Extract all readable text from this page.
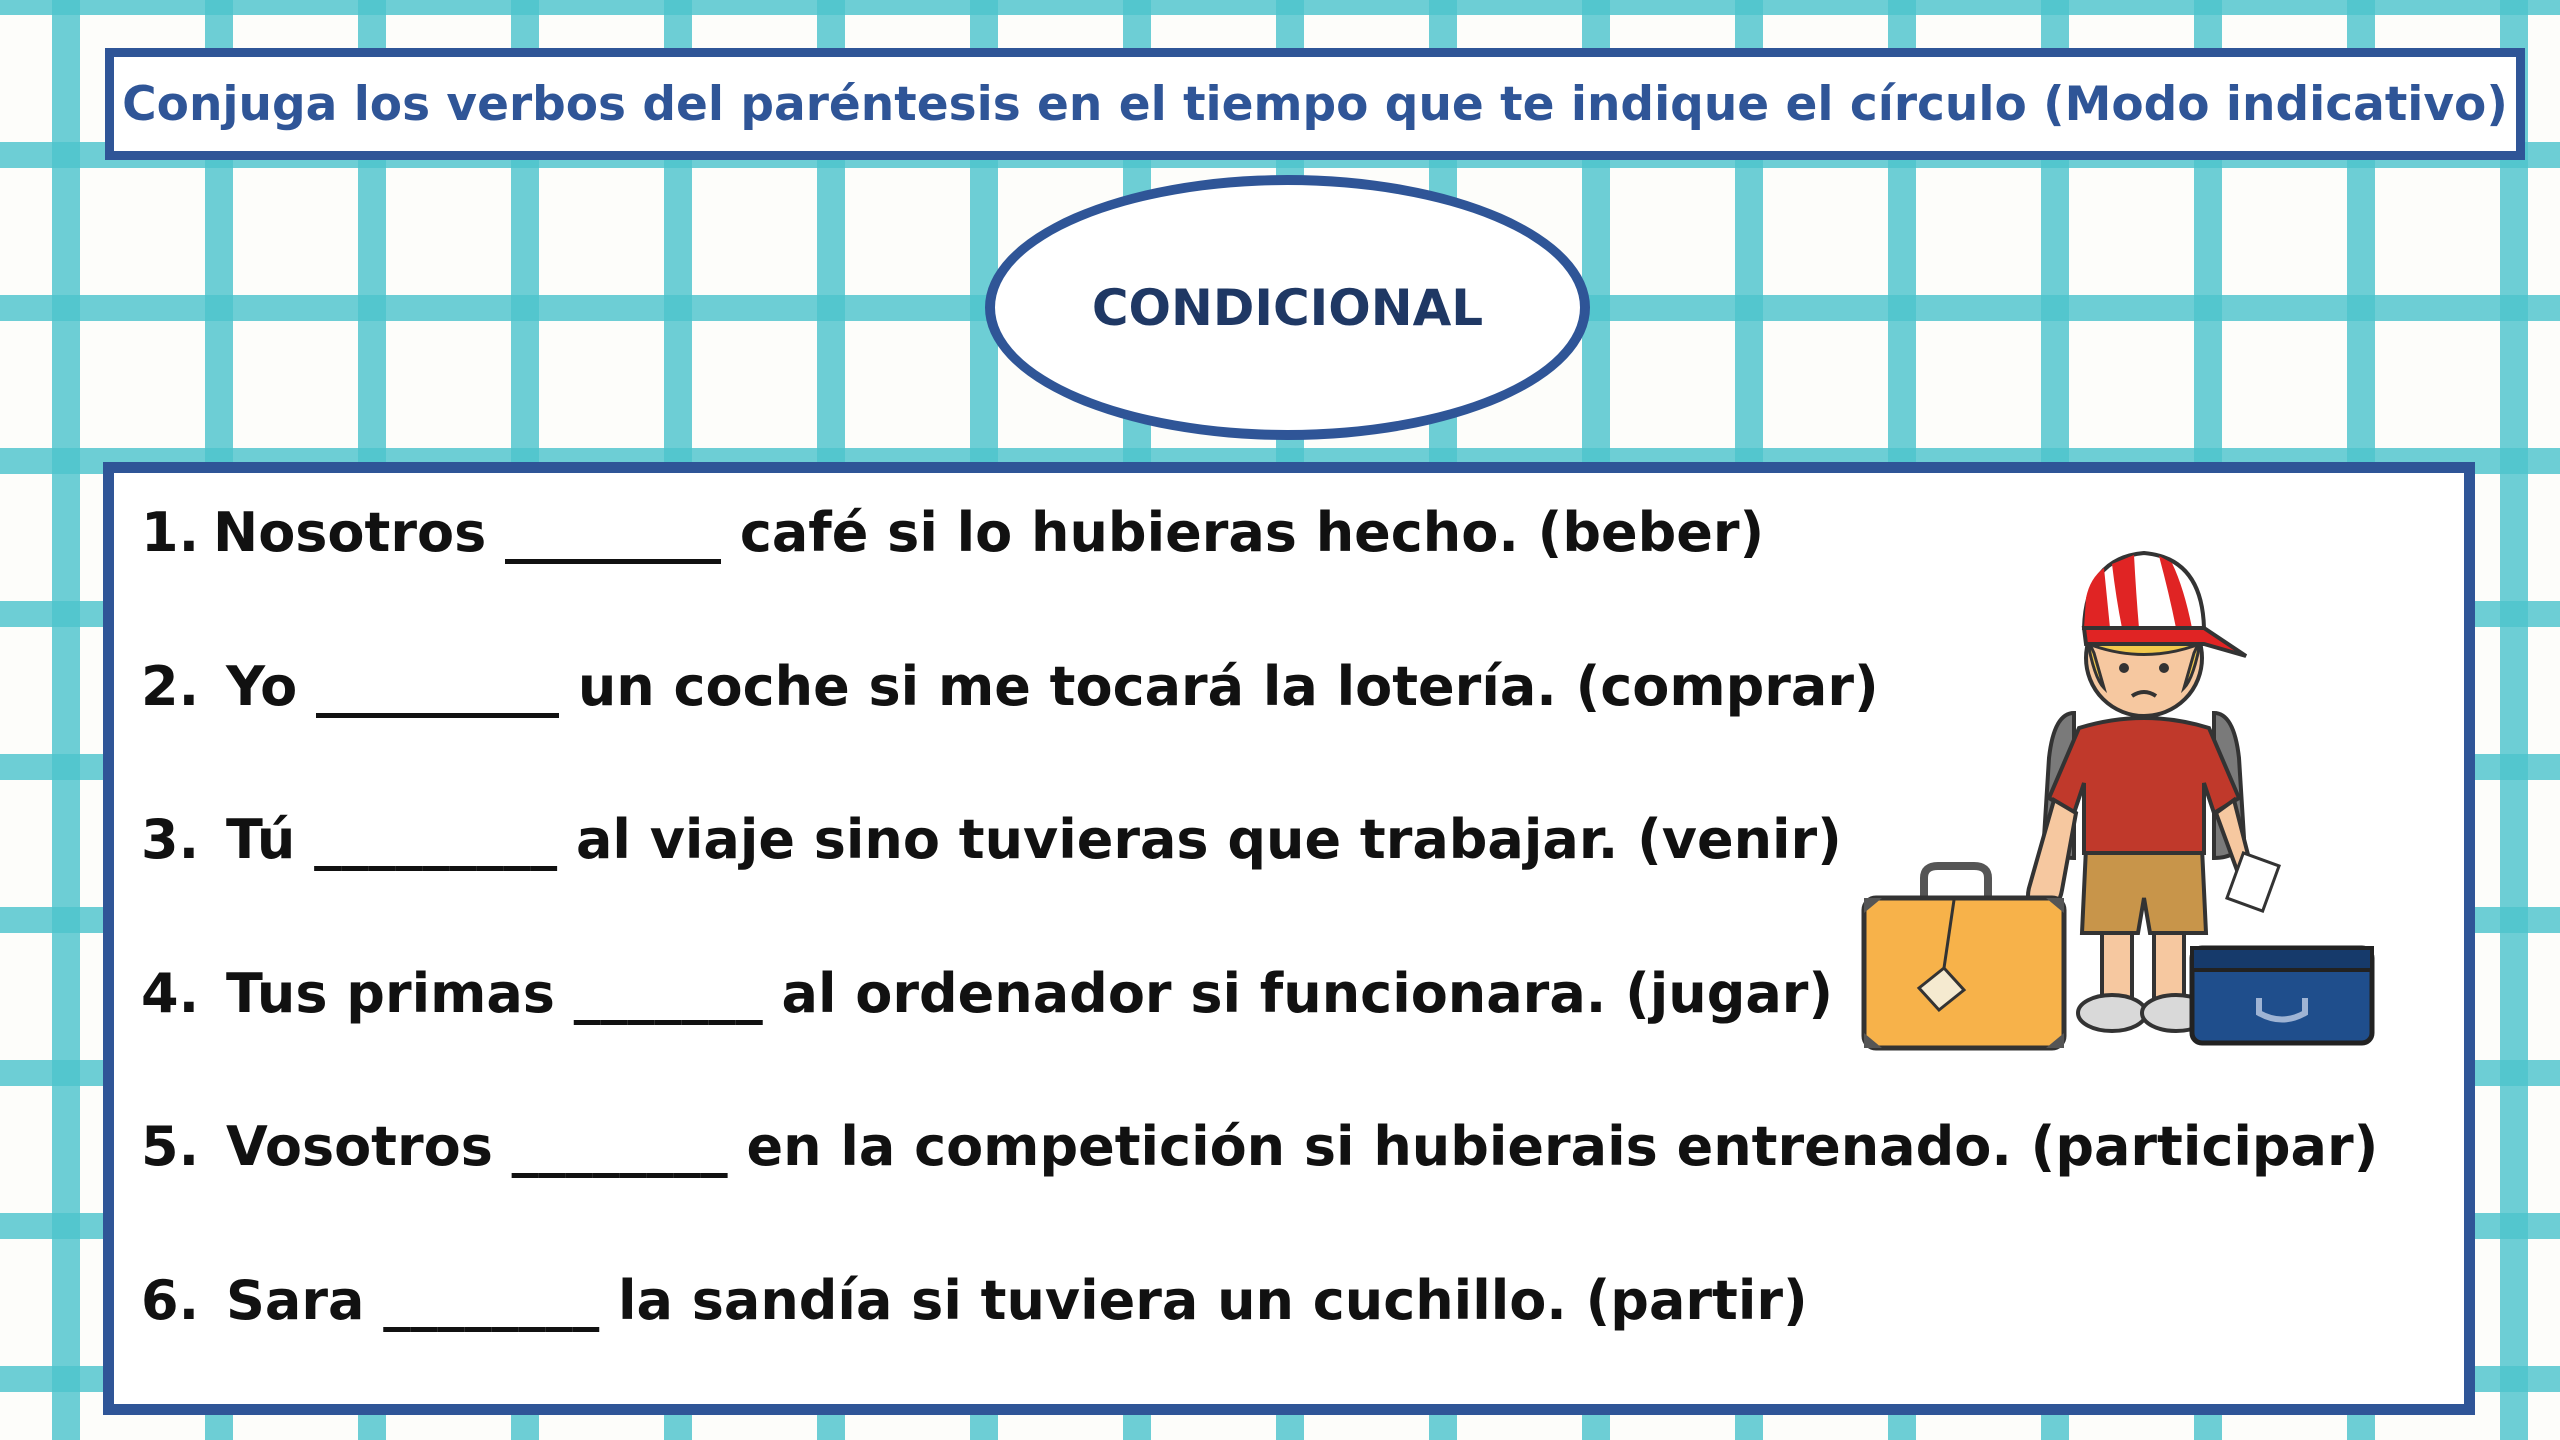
Conjuga los verbos del paréntesis en el tiempo que te indique el círculo (Modo indicativo)
CONDICIONAL
1. Nosotros ________ café si lo hubieras hecho. (beber)
2. Yo _________ un coche si me tocará la lotería. (comprar)
3. Tú _________ al viaje sino tuvieras que trabajar. (venir)
4. Tus primas _______ al ordenador si funcionara. (jugar)
5. Vosotros ________ en la competición si hubierais entrenado. (participar)
6. Sara ________ la sandía si tuviera un cuchillo. (partir)
